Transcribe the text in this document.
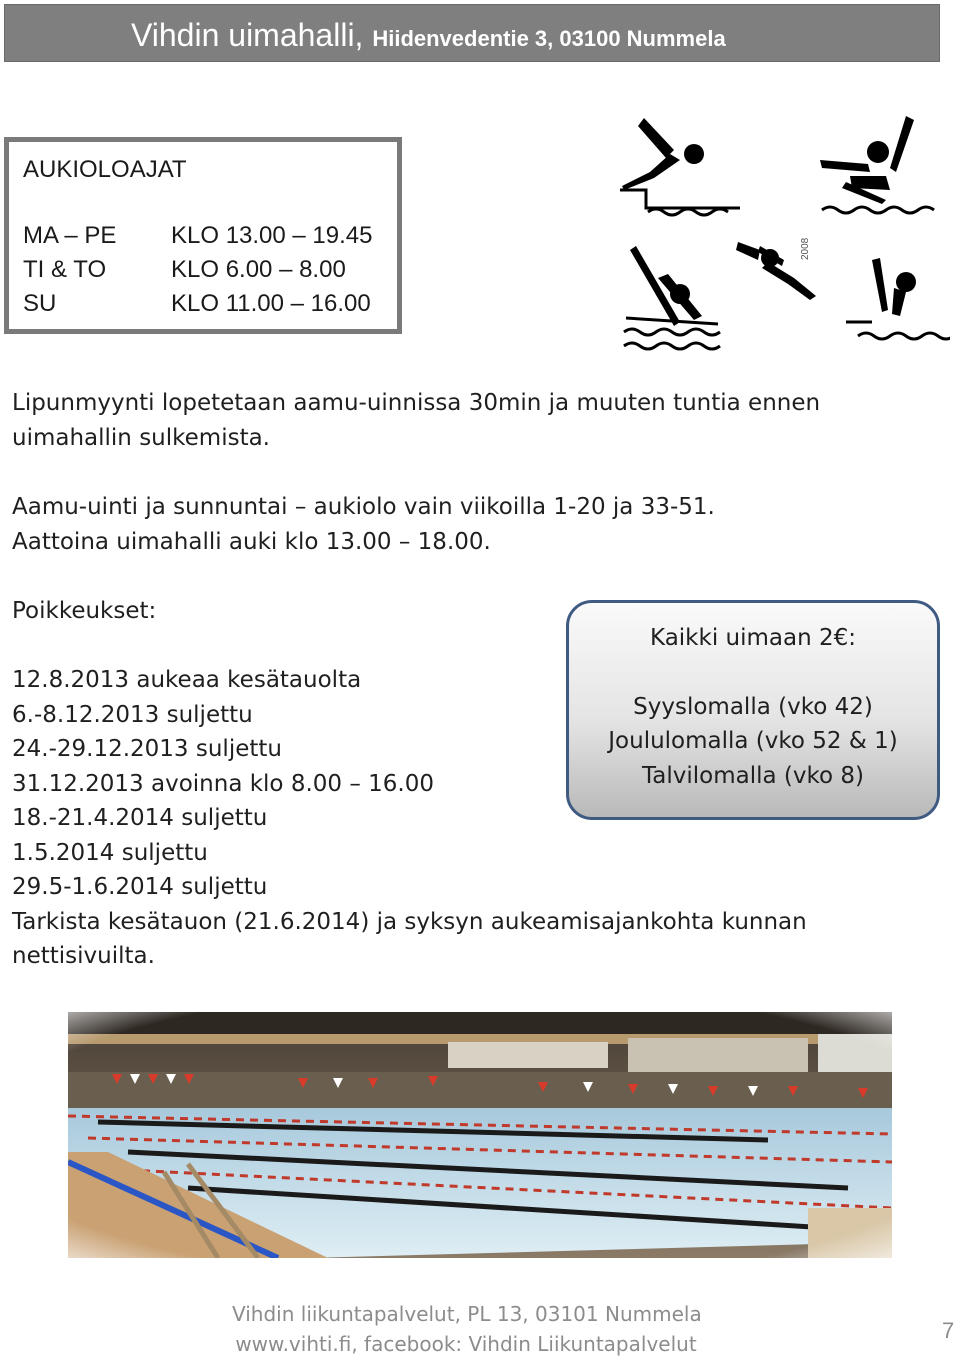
Vihdin uimahalli, Hiidenvedentie 3, 03100 Nummela
AUKIOLOAJAT
MA – PE KLO 13.00 – 19.45
TI & TO	KLO 6.00 – 8.00
SU	KLO 11.00 – 16.00
2008
Lipunmyynti lopetetaan aamu-uinnissa 30min ja muuten tuntia ennen
uimahallin sulkemista.
Aamu-uinti ja sunnuntai – aukiolo vain viikoilla 1-20 ja 33-51.
Aattoina uimahalli auki klo 13.00 – 18.00.
Poikkeukset:
12.8.2013 aukeaa kesätauolta
6.-8.12.2013 suljettu
24.-29.12.2013 suljettu
31.12.2013 avoinna klo 8.00 – 16.00
18.-21.4.2014 suljettu
1.5.2014 suljettu
29.5-1.6.2014 suljettu
Tarkista kesätauon (21.6.2014) ja syksyn aukeamisajankohta kunnan
nettisivuilta.
Kaikki uimaan 2€:
Syyslomalla (vko 42)
Joululomalla (vko 52 & 1)
Talvilomalla (vko 8)
Vihdin liikuntapalvelut, PL 13, 03101 Nummela
www.vihti.fi, facebook: Vihdin Liikuntapalvelut
7
